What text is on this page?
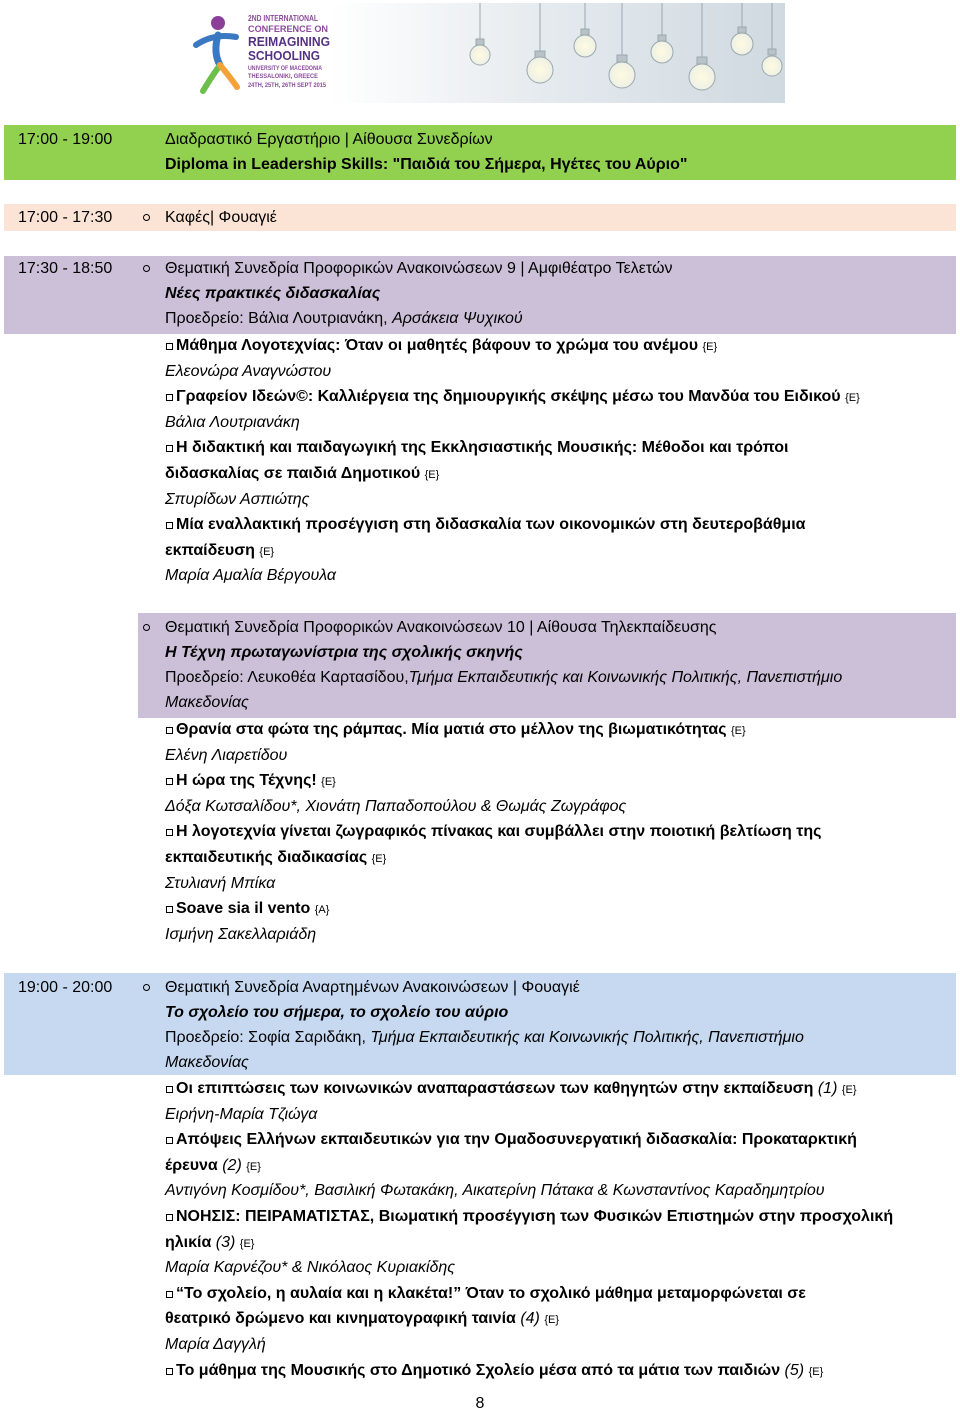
2ND INTERNATIONAL
CONFERENCE ON
REIMAGINING
SCHOOLING
UNIVERSITY OF MACEDONIA
THESSALONIKI, GREECE
24TH, 25TH, 26TH SEPT 2015
17:00 - 19:00	Διαδραστικό Εργαστήριο | Αίθουσα Συνεδρίων
Diploma in Leadership Skills: "Παιδιά του Σήμερα, Ηγέτες του Αύριο"
17:00 - 17:30	Καφές| Φουαγιέ
17:30 - 18:50	Θεματική Συνεδρία Προφορικών Ανακοινώσεων 9 | Αμφιθέατρο Τελετών
Νέες πρακτικές διδασκαλίας
Προεδρείο: Βάλια Λουτριανάκη, Αρσάκεια Ψυχικού
Μάθημα Λογοτεχνίας: Όταν οι μαθητές βάφουν το χρώμα του ανέμου {E}
Ελεονώρα Αναγνώστου
Γραφείον Ιδεών©: Καλλιέργεια της δημιουργικής σκέψης μέσω του Μανδύα του Ειδικού {E}
Βάλια Λουτριανάκη
Η διδακτική και παιδαγωγική της Εκκλησιαστικής Μουσικής: Μέθοδοι και τρόποι
διδασκαλίας σε παιδιά Δημοτικού {E}
Σπυρίδων Ασπιώτης
Μία εναλλακτική προσέγγιση στη διδασκαλία των οικονομικών στη δευτεροβάθμια
εκπαίδευση {E}
Μαρία Αμαλία Βέργουλα
Θεματική Συνεδρία Προφορικών Ανακοινώσεων 10 | Αίθουσα Τηλεκπαίδευσης
Η Τέχνη πρωταγωνίστρια της σχολικής σκηνής
Προεδρείο: Λευκοθέα Καρτασίδου,Τμήμα Εκπαιδευτικής και Κοινωνικής Πολιτικής, Πανεπιστήμιο
Μακεδονίας
Θρανία στα φώτα της ράμπας. Μία ματιά στο μέλλον της βιωματικότητας {E}
Ελένη Λιαρετίδου
Η ώρα της Τέχνης! {E}
Δόξα Κωτσαλίδου*, Χιονάτη Παπαδοπούλου & Θωμάς Ζωγράφος
Η λογοτεχνία γίνεται ζωγραφικός πίνακας και συμβάλλει στην ποιοτική βελτίωση της
εκπαιδευτικής διαδικασίας {E}
Στυλιανή Μπίκα
Soave sia il vento {A}
Ισμήνη Σακελλαριάδη
19:00 - 20:00	Θεματική Συνεδρία Αναρτημένων Ανακοινώσεων | Φουαγιέ
Το σχολείο του σήμερα, το σχολείο του αύριο
Προεδρείο: Σοφία Σαριδάκη, Τμήμα Εκπαιδευτικής και Κοινωνικής Πολιτικής, Πανεπιστήμιο
Μακεδονίας
Οι επιπτώσεις των κοινωνικών αναπαραστάσεων των καθηγητών στην εκπαίδευση (1) {E}
Ειρήνη-Μαρία Τζιώγα
Απόψεις Ελλήνων εκπαιδευτικών για την Ομαδοσυνεργατική διδασκαλία: Προκαταρκτική
έρευνα (2) {E}
Αντιγόνη Κοσμίδου*, Βασιλική Φωτακάκη, Αικατερίνη Πάτακα & Κωνσταντίνος Καραδημητρίου
ΝΟΗΣΙΣ: ΠΕΙΡΑΜΑΤΙΣΤΑΣ, Βιωματική προσέγγιση των Φυσικών Επιστημών στην προσχολική
ηλικία (3) {E}
Μαρία Καρνέζου* & Νικόλαος Κυριακίδης
“Το σχολείο, η αυλαία και η κλακέτα!” Όταν το σχολικό μάθημα μεταμορφώνεται σε
θεατρικό δρώμενο και κινηματογραφική ταινία (4) {E}
Μαρία Δαγγλή
Το μάθημα της Μουσικής στο Δημοτικό Σχολείο μέσα από τα μάτια των παιδιών (5) {E}
8
